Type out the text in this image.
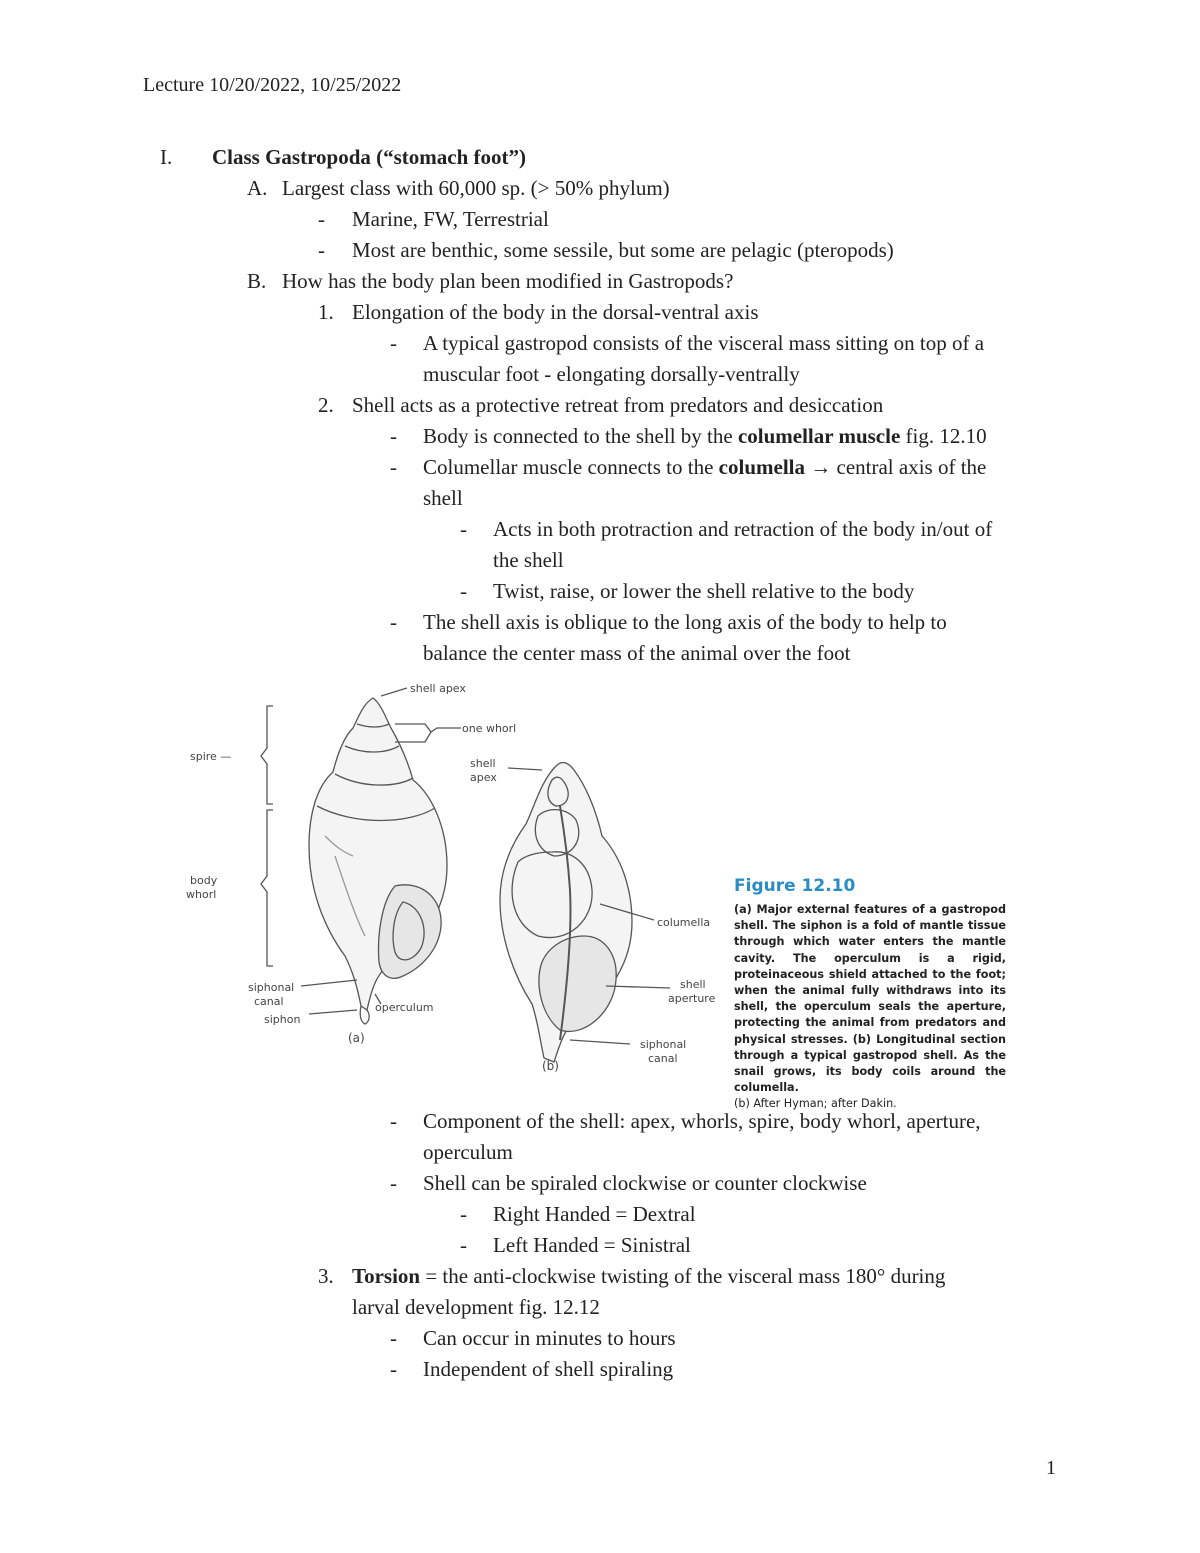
Lecture 10/20/2022, 10/25/2022
I. Class Gastropoda (“stomach foot”)
A. Largest class with 60,000 sp. (> 50% phylum)
- Marine, FW, Terrestrial
- Most are benthic, some sessile, but some are pelagic (pteropods)
B. How has the body plan been modified in Gastropods?
1. Elongation of the body in the dorsal-ventral axis
- A typical gastropod consists of the visceral mass sitting on top of a
muscular foot - elongating dorsally-ventrally
2. Shell acts as a protective retreat from predators and desiccation
- Body is connected to the shell by the columellar muscle fig. 12.10
- Columellar muscle connects to the columella → central axis of the
shell
- Acts in both protraction and retraction of the body in/out of
the shell
- Twist, raise, or lower the shell relative to the body
- The shell axis is oblique to the long axis of the body to help to
balance the center mass of the animal over the foot
shell apex
one whorl
spire —
body
whorl
siphonal
canal
siphon
operculum
(a)
shell
apex
columella
shell
aperture
siphonal
canal
(b)
Figure 12.10
(a) Major external features of a gastropod shell. The siphon is a fold of mantle tissue through which water enters the mantle cavity. The operculum is a rigid, proteinaceous shield attached to the foot; when the animal fully withdraws into its shell, the operculum seals the aperture, protecting the animal from predators and physical stresses. (b) Longitudinal section through a typical gastropod shell. As the snail grows, its body coils around the columella.
(b) After Hyman; after Dakin.
- Component of the shell: apex, whorls, spire, body whorl, aperture,
operculum
- Shell can be spiraled clockwise or counter clockwise
- Right Handed = Dextral
- Left Handed = Sinistral
3. Torsion = the anti-clockwise twisting of the visceral mass 180° during
larval development fig. 12.12
- Can occur in minutes to hours
- Independent of shell spiraling
1
